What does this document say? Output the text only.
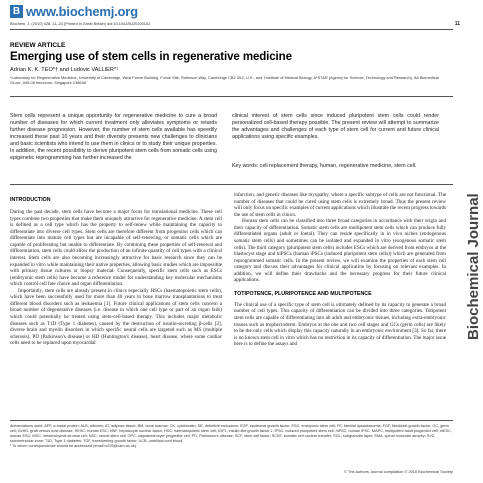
B www.biochemj.org
Biochem. J. (2010) 428, 11–23 (Printed in Great Britain) doi:10.1042/BJ20100102	11
REVIEW ARTICLE
Emerging use of stem cells in regenerative medicine
Adrian K. K. TEO*† and Ludovic VALLIER*¹
*Laboratory for Regenerative Medicine, University of Cambridge, West Forvie Building, Forvie Site, Robinson Way, Cambridge CB2 0SZ, U.K., and †Institute of Medical Biology, A*STAR (Agency for Science, Technology and Research), 8A Biomedical Grove, #06-06 Immunos, Singapore 138648
Stem cells represent a unique opportunity for regenerative medicine to cure a broad number of diseases for which current treatment only alleviates symptoms or retards further disease progression. However, the number of stem cells available has speedily increased these past 10 years and their diversity presents new challenges to clinicians and basic scientists who intend to use them in clinics or to study their unique properties. In addition, the recent possibility to derive pluripotent stem cells from somatic cells using epigenetic reprogramming has further increased the
clinical interest of stem cells since induced pluripotent stem cells could render personalized cell-based therapy possible. The present review will attempt to summarize the advantages and challenges of each type of stem cell for current and future clinical applications using specific examples.
Key words: cell replacement therapy, human, regenerative medicine, stem cell.
Biochemical Journal
INTRODUCTION

During the past decade, stem cells have become a major focus for translational medicine. These cell types combine two properties that make them uniquely attractive for regenerative medicine. A stem cell is defined as a cell type which has the property to self-renew while maintaining the capacity to differentiate into diverse cell types. Stem cells are therefore different from progenitor cells which can differentiate into mature cell types but are incapable of self-renewing, or somatic cells which are capable of proliferating but unable to differentiate. By combining these properties of self-renewal and differentiation, stem cells could allow the production of an infinite quantity of cell types with a clinical interest. Stem cells are also becoming increasingly attractive for basic research since they can be expanded in vitro while maintaining their native properties, allowing basic studies which are impossible with primary tissue cultures or biopsy material. Consequently, specific stem cells such as ESCs (embryonic stem cells) have become a reference model for understanding key molecular mechanisms which control cell fate choice and organ differentiation.

Importantly, stem cells are already present in clinics especially HSCs (haematopoietic stem cells), which have been successfully used for more than 40 years in bone marrow transplantations to treat different blood disorders such as leukaemia [1]. Future clinical applications of stem cells concern a broad number of degenerative diseases (i.e. disease in which one cell type or part of an organ fails) which could potentially be treated using stem-cell-based therapy. This includes major metabolic diseases such as T1D (Type 1 diabetes), caused by the destruction of insulin-secreting β-cells [2], diverse brain and myelin disorders in which specific neural cells are targeted such as MS (multiple sclerosis), PD (Parkinson's disease) or HD (Huntington's disease), heart disease, where some cardiac cells need to be replaced upon myocardial

infarction, and genetic diseases like myopathy, where a specific subtype of cells are not functional. The number of diseases that could be cured using stem cells is extremely broad. Thus the present review will only focus on specific examples of current applications which illustrate the recent progress towards the use of stem cells in clinics.

Human stem cells can be classified into three broad categories in accordance with their origin and their capacity of differentiation. Somatic stem cells are multipotent stem cells which can produce fully differentiated organs (adult or foetal). They can reside specifically in in vivo niches (endogenous somatic stem cells) and sometimes can be isolated and expanded in vitro (exogenous somatic stem cells). The third category (pluripotent stem cells) includes ESCs which are derived from embryos at the blastocyst stage and hiPSCs (human iPSCs (induced pluripotent stem cells)) which are generated from reprogrammed somatic cells. In the present review, we will examine the properties of each stem cell category and discuss their advantages for clinical application by focusing on relevant examples. In addition, we will define their drawbacks and the necessary progress for their future clinical applications.

TOTIPOTENCE, PLURIPOTENCE AND MULTIPOTENCE

The clinical use of a specific type of stem cell is ultimately defined by its capacity to generate a broad number of cell types. This capacity of differentiation can be divided into three categories. Totipotent stem cells are capable of differentiating into all adult and embryonic tissues, including extra-embryonic tissues such as trophectoderm. Embryos at the one and two cell stages and GCs (germ cells) are likely to be the only cells which display this capacity naturally in an embryonic environment [3]. So far, there is no known stem cell in vitro which has no restriction in its capacity of differentiation. The major issue here is to define the assays and

Abbreviations used: AFP, α-foetal protein; ALB, albumin; AT, adipose tissue; BM, bone marrow; CK, cytokeratin; DE, definitive endoderm; EGF, epidermal growth factor; ESC, embryonic stem cell; FE, familial dysautonomia; FGF, fibroblast growth factor; GC, germ cell; GvHD, graft versus host disease; HESC, human ESC; HNF, hepatocyte nuclear factor; HSC, haematopoietic stem cell; IGF1, insulin-like growth factor 1; iPSC, induced pluripotent stem cell; hiPSC, human iPSC; MAPC, multipotent adult progenitor cell; mESC, mouse ESC; MSC, mesenchymal stromal cell; NSC, neural stem cell; OPC, oligodendrocyte progenitor cell; PD, Parkinson's disease; SCF, stem cell factor; SCNT, somatic cell nuclear transfer; SGL, subgranular layer; SMA, spinal muscular atrophy; SVZ, subventricular zone; T1D, Type 1 diabetes; TGF, transforming growth factor; UCB, umbilical cord blood.
¹ To whom correspondence should be addressed (email lv225@cam.ac.uk).
© The Authors Journal compilation © 2010 Biochemical Society
